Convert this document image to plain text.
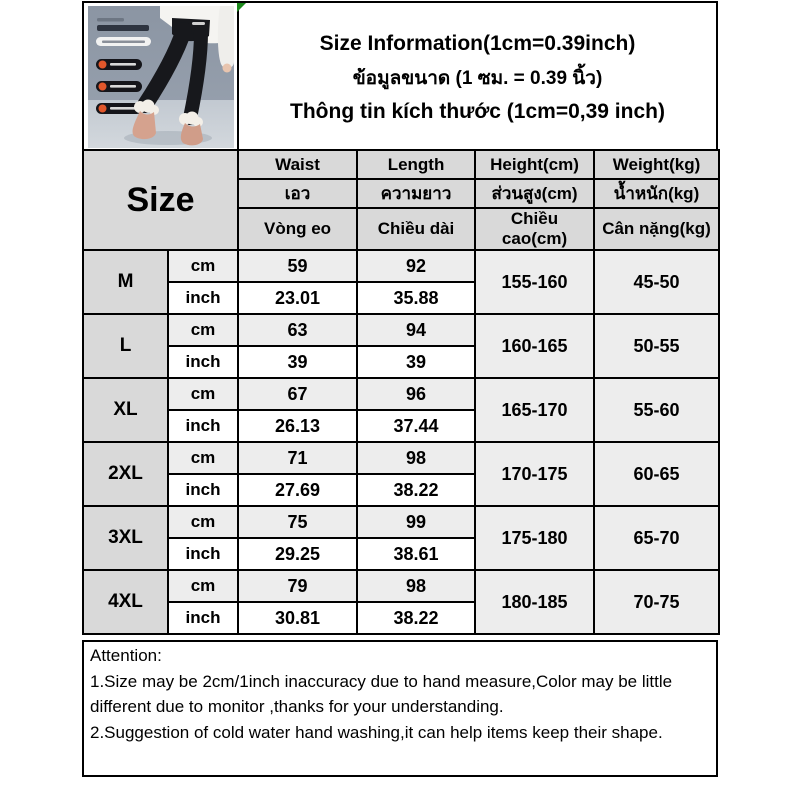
Size Information(1cm=0.39inch)
ข้อมูลขนาด (1 ซม. = 0.39 นิ้ว)
Thông tin kích thước (1cm=0,39 inch)
Size		Waist	Length	Height(cm)	Weight(kg)
		เอว	ความยาว	ส่วนสูง(cm)	น้ำหนัก(kg)
		Vòng eo	Chiều dài	Chiều cao(cm)	Cân nặng(kg)
M	cm	59	92	155-160	45-50
	inch	23.01	35.88		
L	cm	63	94	160-165	50-55
	inch	39	39		
XL	cm	67	96	165-170	55-60
	inch	26.13	37.44		
2XL	cm	71	98	170-175	60-65
	inch	27.69	38.22		
3XL	cm	75	99	175-180	65-70
	inch	29.25	38.61		
4XL	cm	79	98	180-185	70-75
	inch	30.81	38.22		
Attention:
1.Size may be 2cm/1inch inaccuracy due to hand measure,Color may be little different due to monitor ,thanks for your understanding.
2.Suggestion of cold water hand washing,it can help items keep their shape.
